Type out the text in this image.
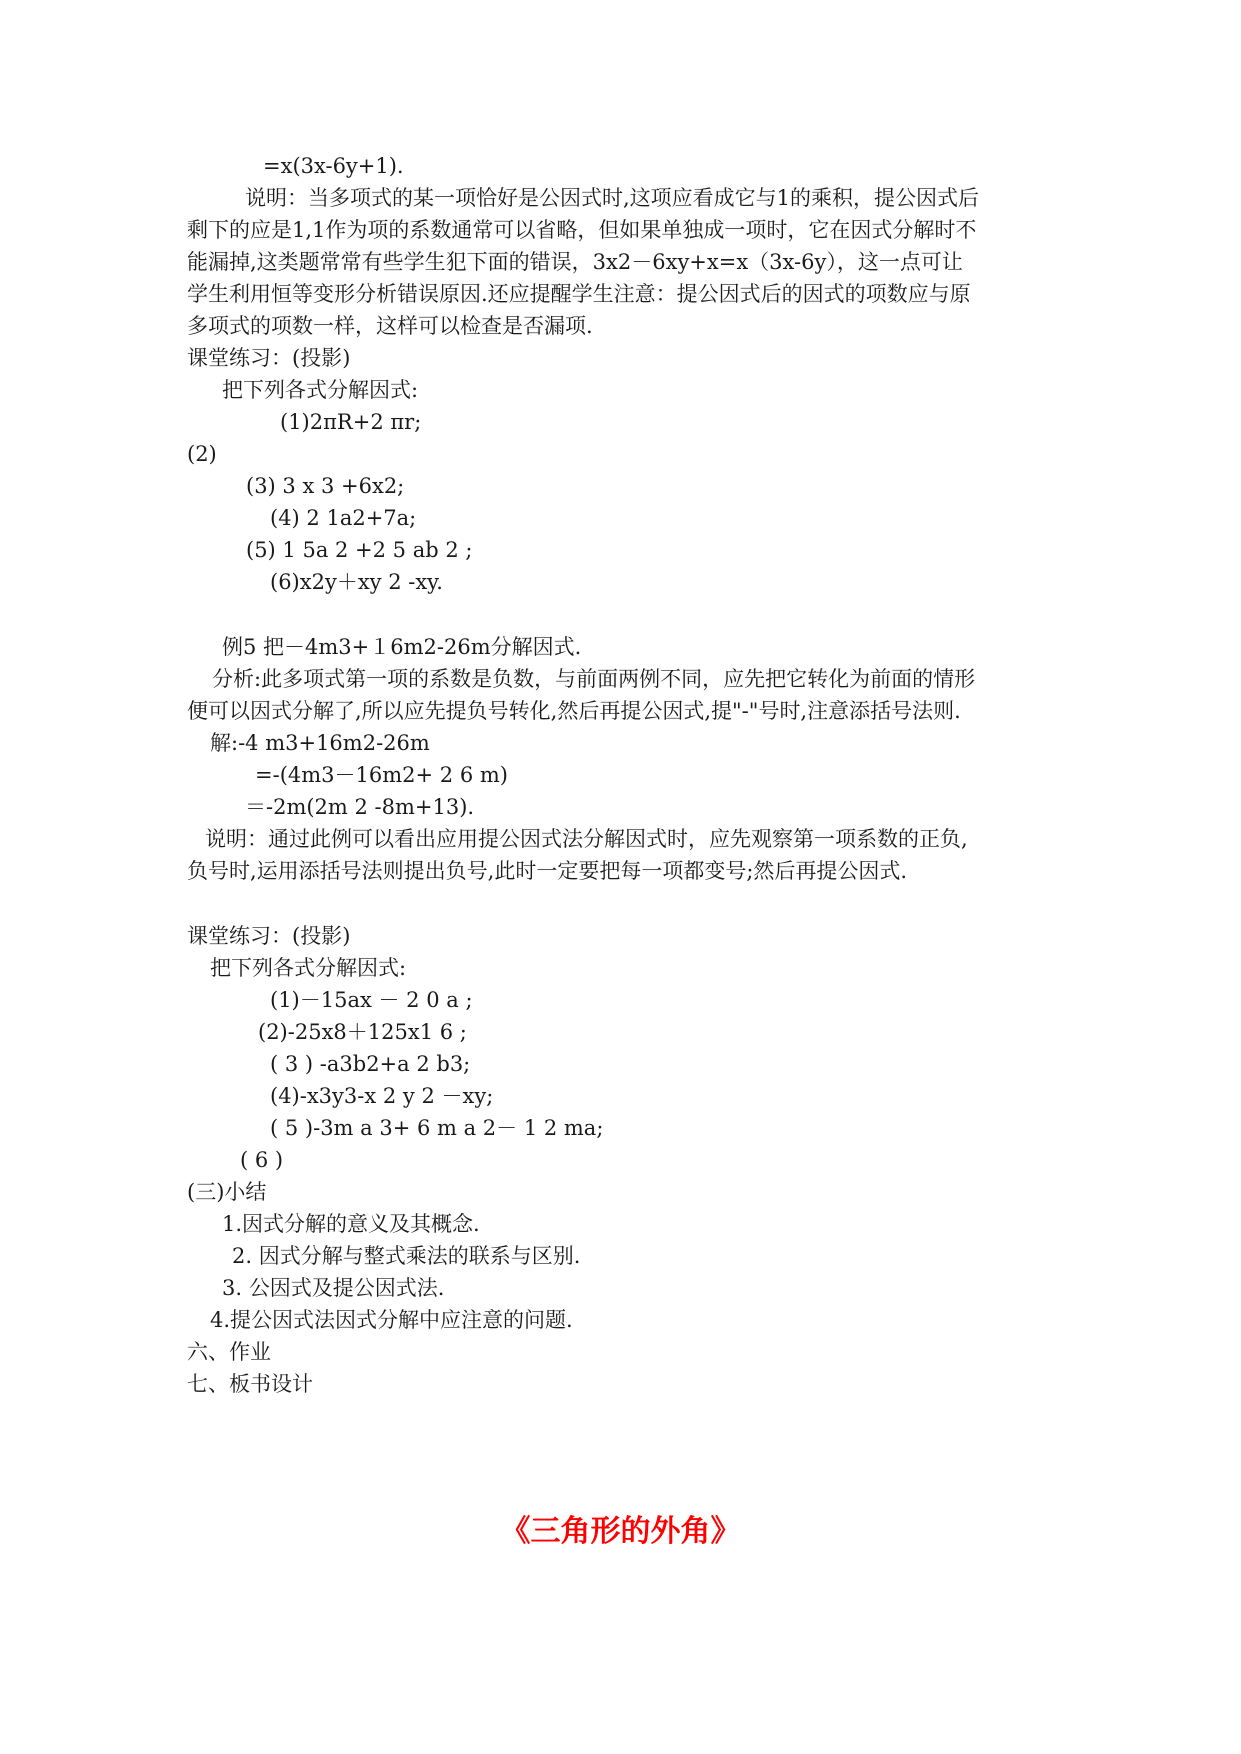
=x(3x-6y+1).
说明：当多项式的某一项恰好是公因式时,这项应看成它与1的乘积，提公因式后
剩下的应是1,1作为项的系数通常可以省略，但如果单独成一项时，它在因式分解时不
能漏掉,这类题常常有些学生犯下面的错误，3x2－6xy+x=x（3x-6y），这一点可让
学生利用恒等变形分析错误原因.还应提醒学生注意：提公因式后的因式的项数应与原
多项式的项数一样，这样可以检查是否漏项.
课堂练习：(投影)
把下列各式分解因式:
(1)2πR+2 πr;
(2)
(3) 3 x 3 +6x2;
(4) 2 1a2+7a;
(5) 1 5a 2 +2 5 ab 2 ;
(6)x2y＋xy 2 -xy.
例5 把－4m3+１6m2-26m分解因式.
分析:此多项式第一项的系数是负数，与前面两例不同，应先把它转化为前面的情形
便可以因式分解了,所以应先提负号转化,然后再提公因式,提"-"号时,注意添括号法则.
解:-4 m3+16m2-26m
=-(4m3－16m2+ 2 6 m)
＝-2m(2m 2 -8m+13).
说明：通过此例可以看出应用提公因式法分解因式时，应先观察第一项系数的正负,
负号时,运用添括号法则提出负号,此时一定要把每一项都变号;然后再提公因式.
课堂练习：(投影)
把下列各式分解因式:
(1)－15ax － 2 0 a ;
(2)-25x8＋125x1 6 ;
( 3 ) -a3b2+a 2 b3;
(4)-x3y3-x 2 y 2 －xy;
( 5 )-3m a 3+ 6 m a 2－ 1 2 ma;
( 6 )
(三)小结
1.因式分解的意义及其概念.
2. 因式分解与整式乘法的联系与区别.
3. 公因式及提公因式法.
4.提公因式法因式分解中应注意的问题.
六、作业
七、板书设计
《三角形的外角》
